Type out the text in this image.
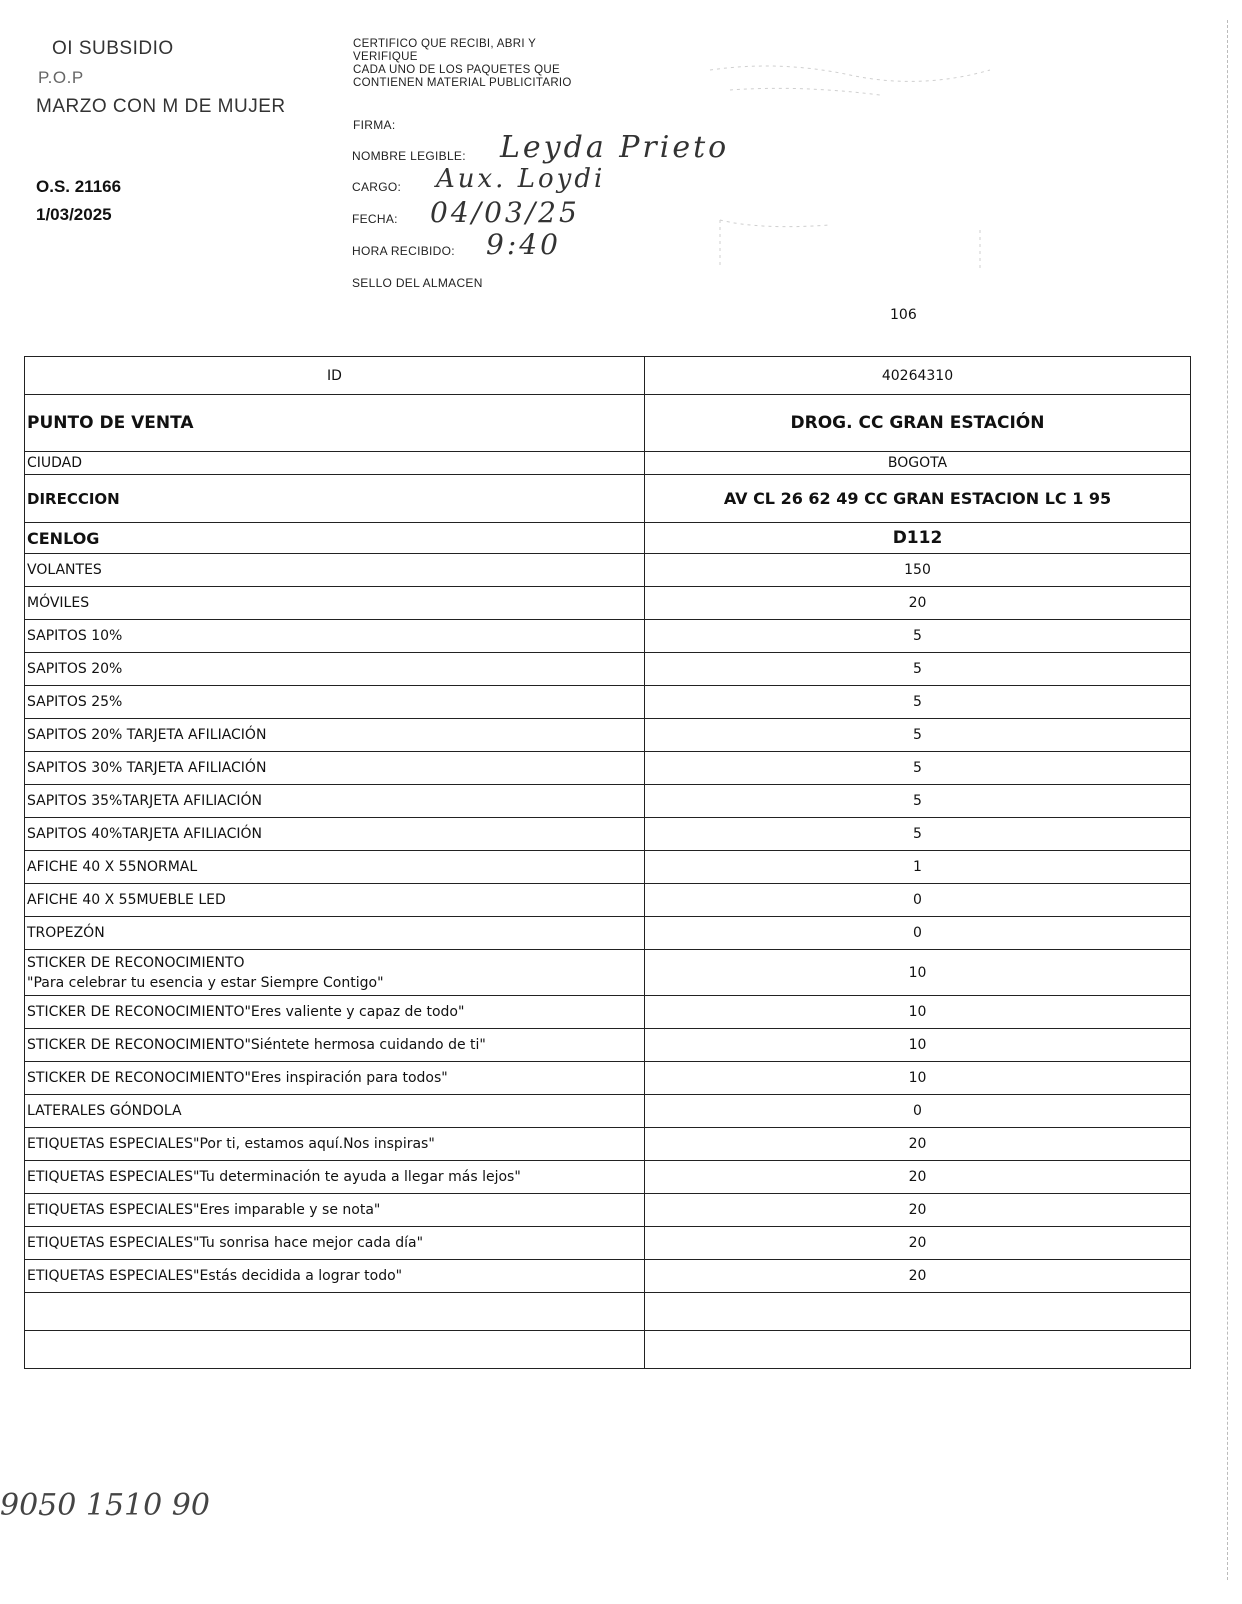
OI SUBSIDIO
P.O.P
MARZO CON M DE MUJER
O.S. 21166
1/03/2025
CERTIFICO QUE RECIBI, ABRI Y
VERIFIQUE
CADA UNO DE LOS PAQUETES QUE
CONTIENEN MATERIAL PUBLICITARIO
FIRMA:
NOMBRE LEGIBLE: Leyda Prieto
CARGO: Aux. Loydi
FECHA: 04/03/25
HORA RECIBIDO: 9:40
SELLO DEL ALMACEN
106
ID	40264310
PUNTO DE VENTA	DROG. CC GRAN ESTACIÓN
CIUDAD	BOGOTA
DIRECCION	AV CL 26 62 49 CC GRAN ESTACION LC 1 95
CENLOG	D112
VOLANTES	150
MÓVILES	20
SAPITOS 10%	5
SAPITOS 20%	5
SAPITOS 25%	5
SAPITOS 20% TARJETA AFILIACIÓN	5
SAPITOS 30% TARJETA AFILIACIÓN	5
SAPITOS 35%TARJETA AFILIACIÓN	5
SAPITOS 40%TARJETA AFILIACIÓN	5
AFICHE 40 X 55NORMAL	1
AFICHE 40 X 55MUEBLE LED	0
TROPEZÓN	0

STICKER DE RECONOCIMIENTO
"Para celebrar tu esencia y estar Siempre Contigo"	10
STICKER DE RECONOCIMIENTO"Eres valiente y capaz de todo"	10
STICKER DE RECONOCIMIENTO"Siéntete hermosa cuidando de ti"	10
STICKER DE RECONOCIMIENTO"Eres inspiración para todos"	10
LATERALES GÓNDOLA	0
ETIQUETAS ESPECIALES"Por ti, estamos aquí.Nos inspiras"	20
ETIQUETAS ESPECIALES"Tu determinación te ayuda a llegar más lejos"	20
ETIQUETAS ESPECIALES"Eres imparable y se nota"	20
ETIQUETAS ESPECIALES"Tu sonrisa hace mejor cada día"	20
ETIQUETAS ESPECIALES"Estás decidida a lograr todo"	20

9050 1510 90
